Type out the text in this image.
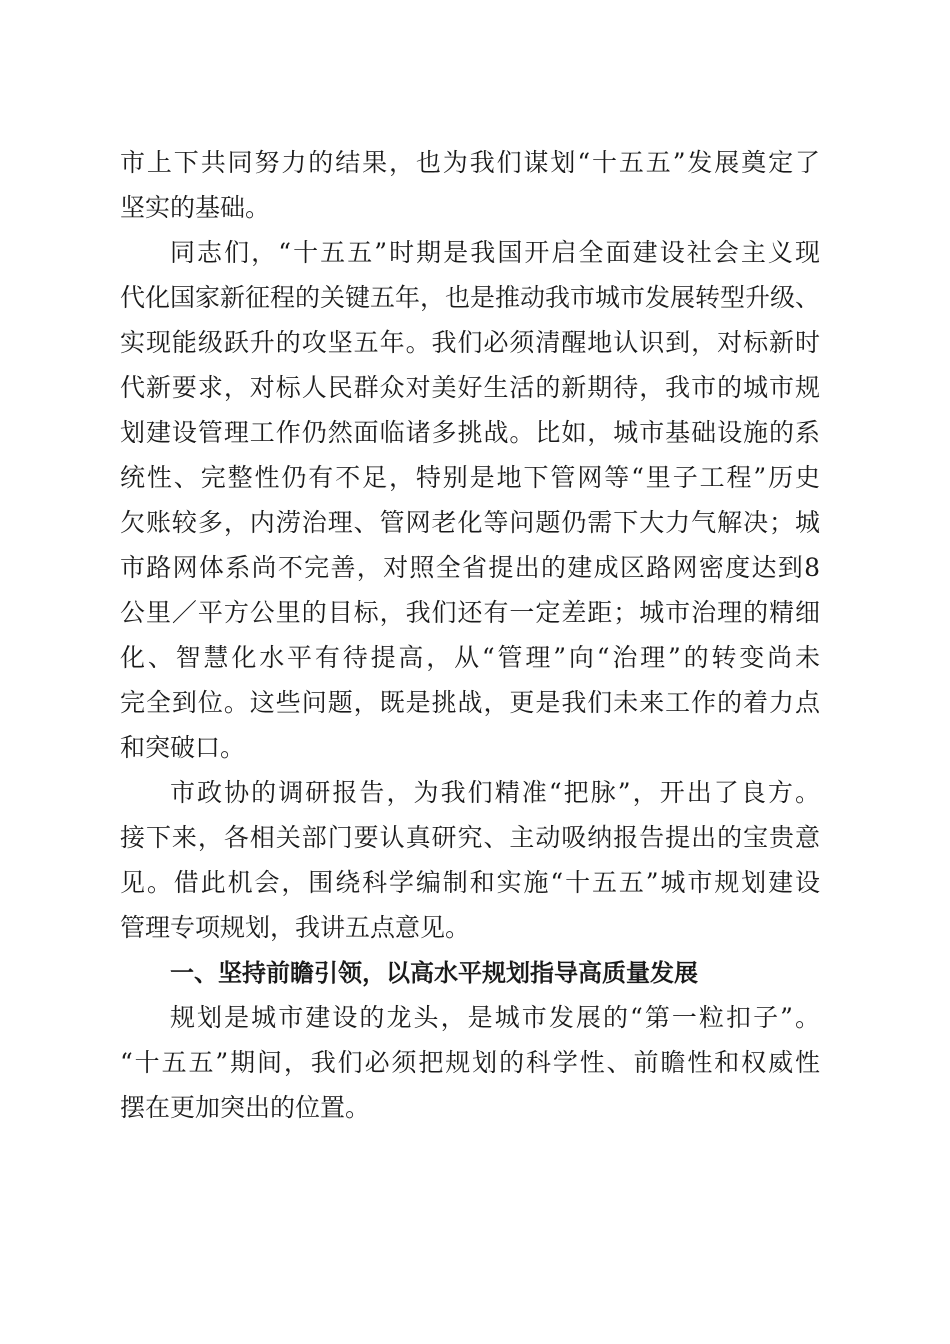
市上下共同努力的结果，也为我们谋划“十五五”发展奠定了
坚实的基础。
同志们，“十五五”时期是我国开启全面建设社会主义现
代化国家新征程的关键五年，也是推动我市城市发展转型升级、
实现能级跃升的攻坚五年。我们必须清醒地认识到，对标新时
代新要求，对标人民群众对美好生活的新期待，我市的城市规
划建设管理工作仍然面临诸多挑战。比如，城市基础设施的系
统性、完整性仍有不足，特别是地下管网等“里子工程”历史
欠账较多，内涝治理、管网老化等问题仍需下大力气解决；城
市路网体系尚不完善，对照全省提出的建成区路网密度达到8
公里／平方公里的目标，我们还有一定差距；城市治理的精细
化、智慧化水平有待提高，从“管理”向“治理”的转变尚未
完全到位。这些问题，既是挑战，更是我们未来工作的着力点
和突破口。
市政协的调研报告，为我们精准“把脉”，开出了良方。
接下来，各相关部门要认真研究、主动吸纳报告提出的宝贵意
见。借此机会，围绕科学编制和实施“十五五”城市规划建设
管理专项规划，我讲五点意见。
一、坚持前瞻引领，以高水平规划指导高质量发展
规划是城市建设的龙头，是城市发展的“第一粒扣子”。
“十五五”期间，我们必须把规划的科学性、前瞻性和权威性
摆在更加突出的位置。
